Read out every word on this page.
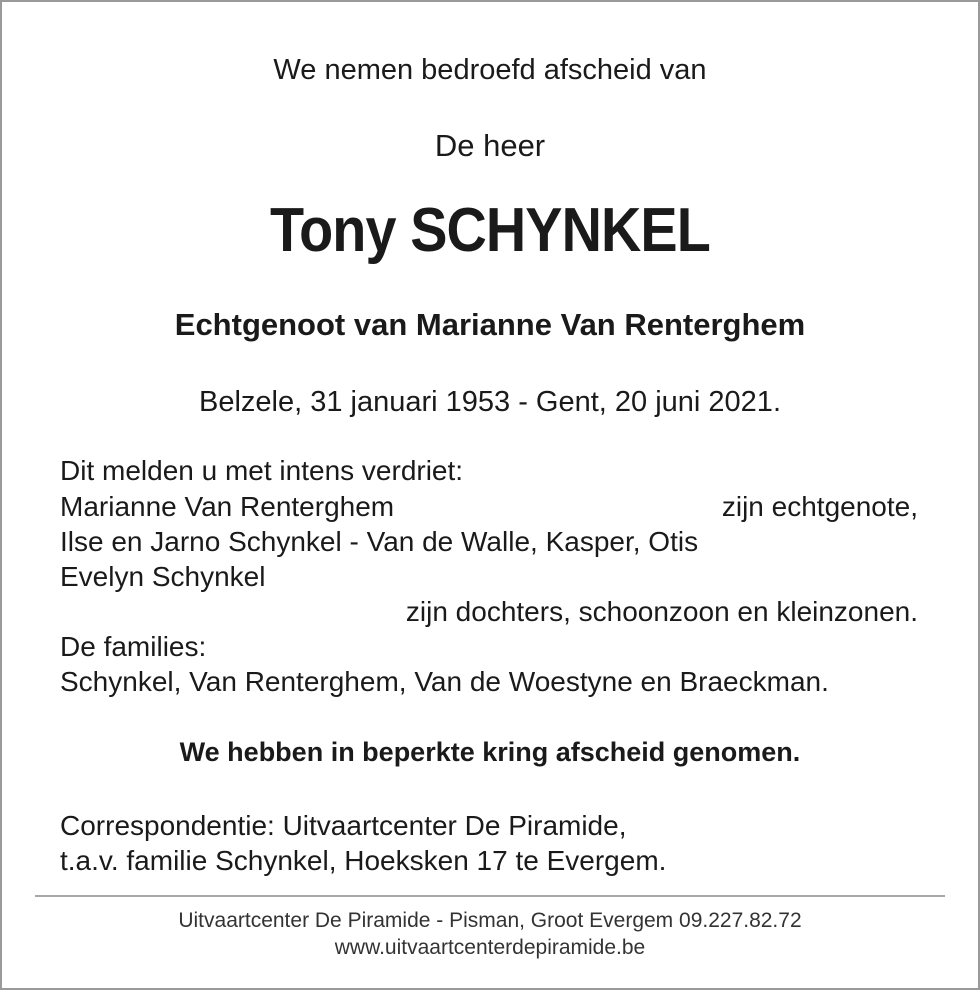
We nemen bedroefd afscheid van
De heer
Tony SCHYNKEL
Echtgenoot van Marianne Van Renterghem
Belzele, 31 januari 1953 - Gent, 20 juni 2021.
Dit melden u met intens verdriet:
Marianne Van Renterghem	zijn echtgenote,
Ilse en Jarno Schynkel - Van de Walle, Kasper, Otis
Evelyn Schynkel
zijn dochters, schoonzoon en kleinzonen.
De families:
Schynkel, Van Renterghem, Van de Woestyne en Braeckman.
We hebben in beperkte kring afscheid genomen.
Correspondentie: Uitvaartcenter De Piramide,
t.a.v. familie Schynkel, Hoeksken 17 te Evergem.
Uitvaartcenter De Piramide - Pisman, Groot Evergem 09.227.82.72
www.uitvaartcenterdepiramide.be
